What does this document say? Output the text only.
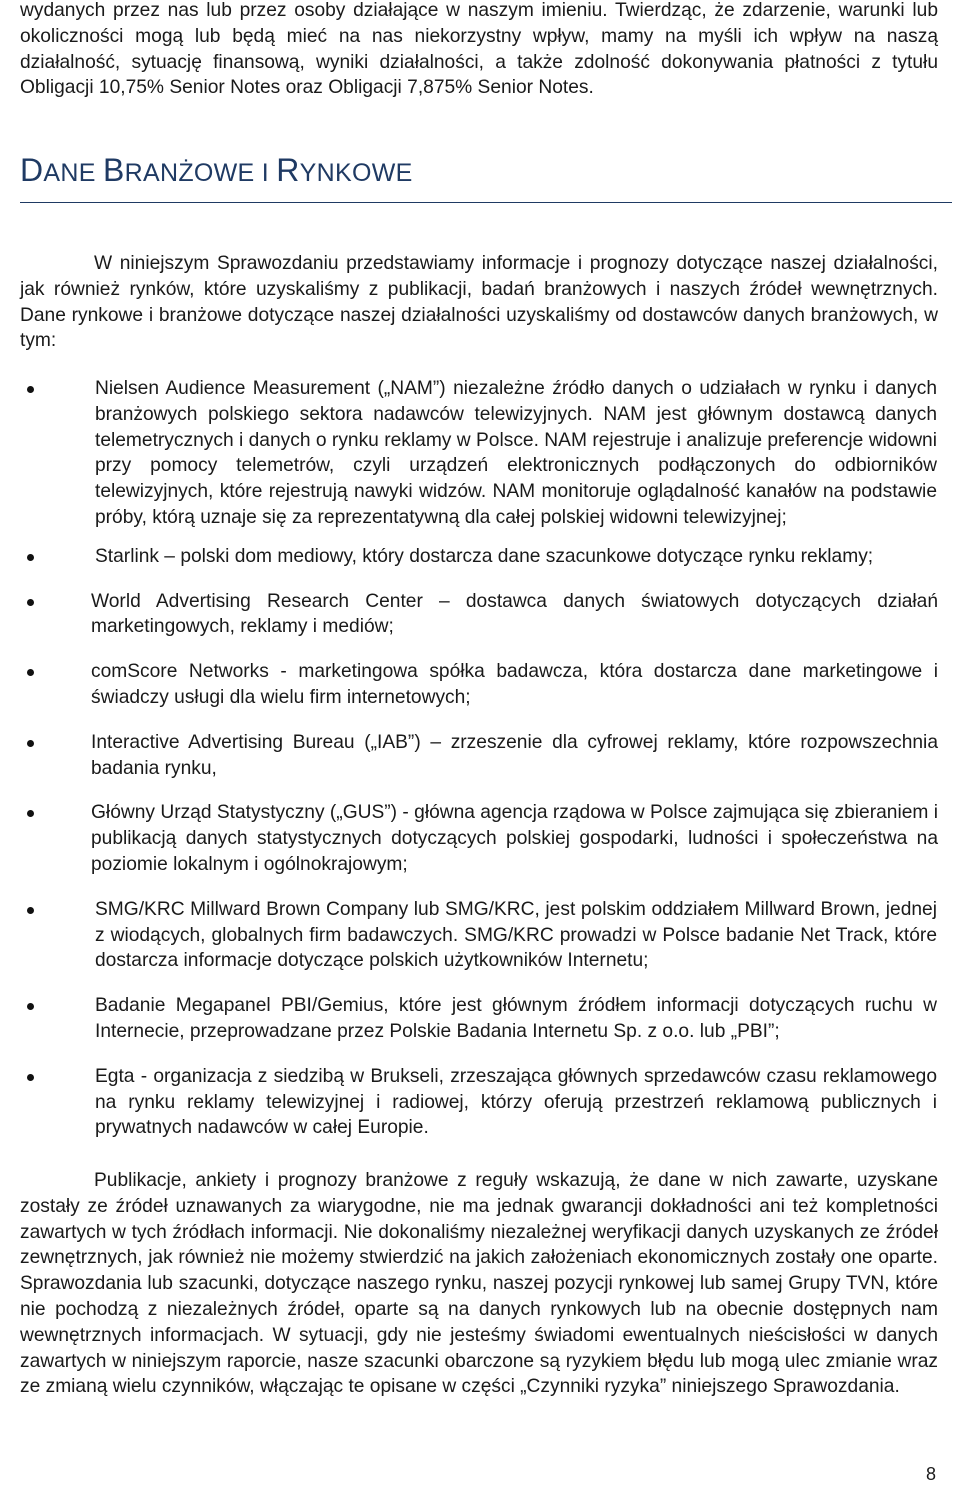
wydanych przez nas lub przez osoby działające w naszym imieniu. Twierdząc, że zdarzenie, warunki lub okoliczności mogą lub będą mieć na nas niekorzystny wpływ, mamy na myśli ich wpływ na naszą działalność, sytuację finansową, wyniki działalności, a także zdolność dokonywania płatności z tytułu Obligacji 10,75% Senior Notes oraz Obligacji 7,875% Senior Notes.

DANE BRANŻOWE I RYNKOWE

W niniejszym Sprawozdaniu przedstawiamy informacje i prognozy dotyczące naszej działalności, jak również rynków, które uzyskaliśmy z publikacji, badań branżowych i naszych źródeł wewnętrznych. Dane rynkowe i branżowe dotyczące naszej działalności uzyskaliśmy od dostawców danych branżowych, w tym:

Nielsen Audience Measurement („NAM”) niezależne źródło danych o udziałach w rynku i danych branżowych polskiego sektora nadawców telewizyjnych. NAM jest głównym dostawcą danych telemetrycznych i danych o rynku reklamy w Polsce. NAM rejestruje i analizuje preferencje widowni przy pomocy telemetrów, czyli urządzeń elektronicznych podłączonych do odbiorników telewizyjnych, które rejestrują nawyki widzów. NAM monitoruje oglądalność kanałów na podstawie próby, którą uznaje się za reprezentatywną dla całej polskiej widowni telewizyjnej;

Starlink – polski dom mediowy, który dostarcza dane szacunkowe dotyczące rynku reklamy;

World Advertising Research Center – dostawca danych światowych dotyczących działań marketingowych, reklamy i mediów;

comScore Networks - marketingowa spółka badawcza, która dostarcza dane marketingowe i świadczy usługi dla wielu firm internetowych;

Interactive Advertising Bureau („IAB”) – zrzeszenie dla cyfrowej reklamy, które rozpowszechnia badania rynku,

Główny Urząd Statystyczny („GUS”) - główna agencja rządowa w Polsce zajmująca się zbieraniem i publikacją danych statystycznych dotyczących polskiej gospodarki, ludności i społeczeństwa na poziomie lokalnym i ogólnokrajowym;

SMG/KRC Millward Brown Company lub SMG/KRC, jest polskim oddziałem Millward Brown, jednej z wiodących, globalnych firm badawczych. SMG/KRC prowadzi w Polsce badanie Net Track, które dostarcza informacje dotyczące polskich użytkowników Internetu;

Badanie Megapanel PBI/Gemius, które jest głównym źródłem informacji dotyczących ruchu w Internecie, przeprowadzane przez Polskie Badania Internetu Sp. z o.o. lub „PBI”;

Egta - organizacja z siedzibą w Brukseli, zrzeszająca głównych sprzedawców czasu reklamowego na rynku reklamy telewizyjnej i radiowej, którzy oferują przestrzeń reklamową publicznych i prywatnych nadawców w całej Europie.

Publikacje, ankiety i prognozy branżowe z reguły wskazują, że dane w nich zawarte, uzyskane zostały ze źródeł uznawanych za wiarygodne, nie ma jednak gwarancji dokładności ani też kompletności zawartych w tych źródłach informacji. Nie dokonaliśmy niezależnej weryfikacji danych uzyskanych ze źródeł zewnętrznych, jak również nie możemy stwierdzić na jakich założeniach ekonomicznych zostały one oparte. Sprawozdania lub szacunki, dotyczące naszego rynku, naszej pozycji rynkowej lub samej Grupy TVN, które nie pochodzą z niezależnych źródeł, oparte są na danych rynkowych lub na obecnie dostępnych nam wewnętrznych informacjach. W sytuacji, gdy nie jesteśmy świadomi ewentualnych nieścisłości w danych zawartych w niniejszym raporcie, nasze szacunki obarczone są ryzykiem błędu lub mogą ulec zmianie wraz ze zmianą wielu czynników, włączając te opisane w części „Czynniki ryzyka” niniejszego Sprawozdania.

8
